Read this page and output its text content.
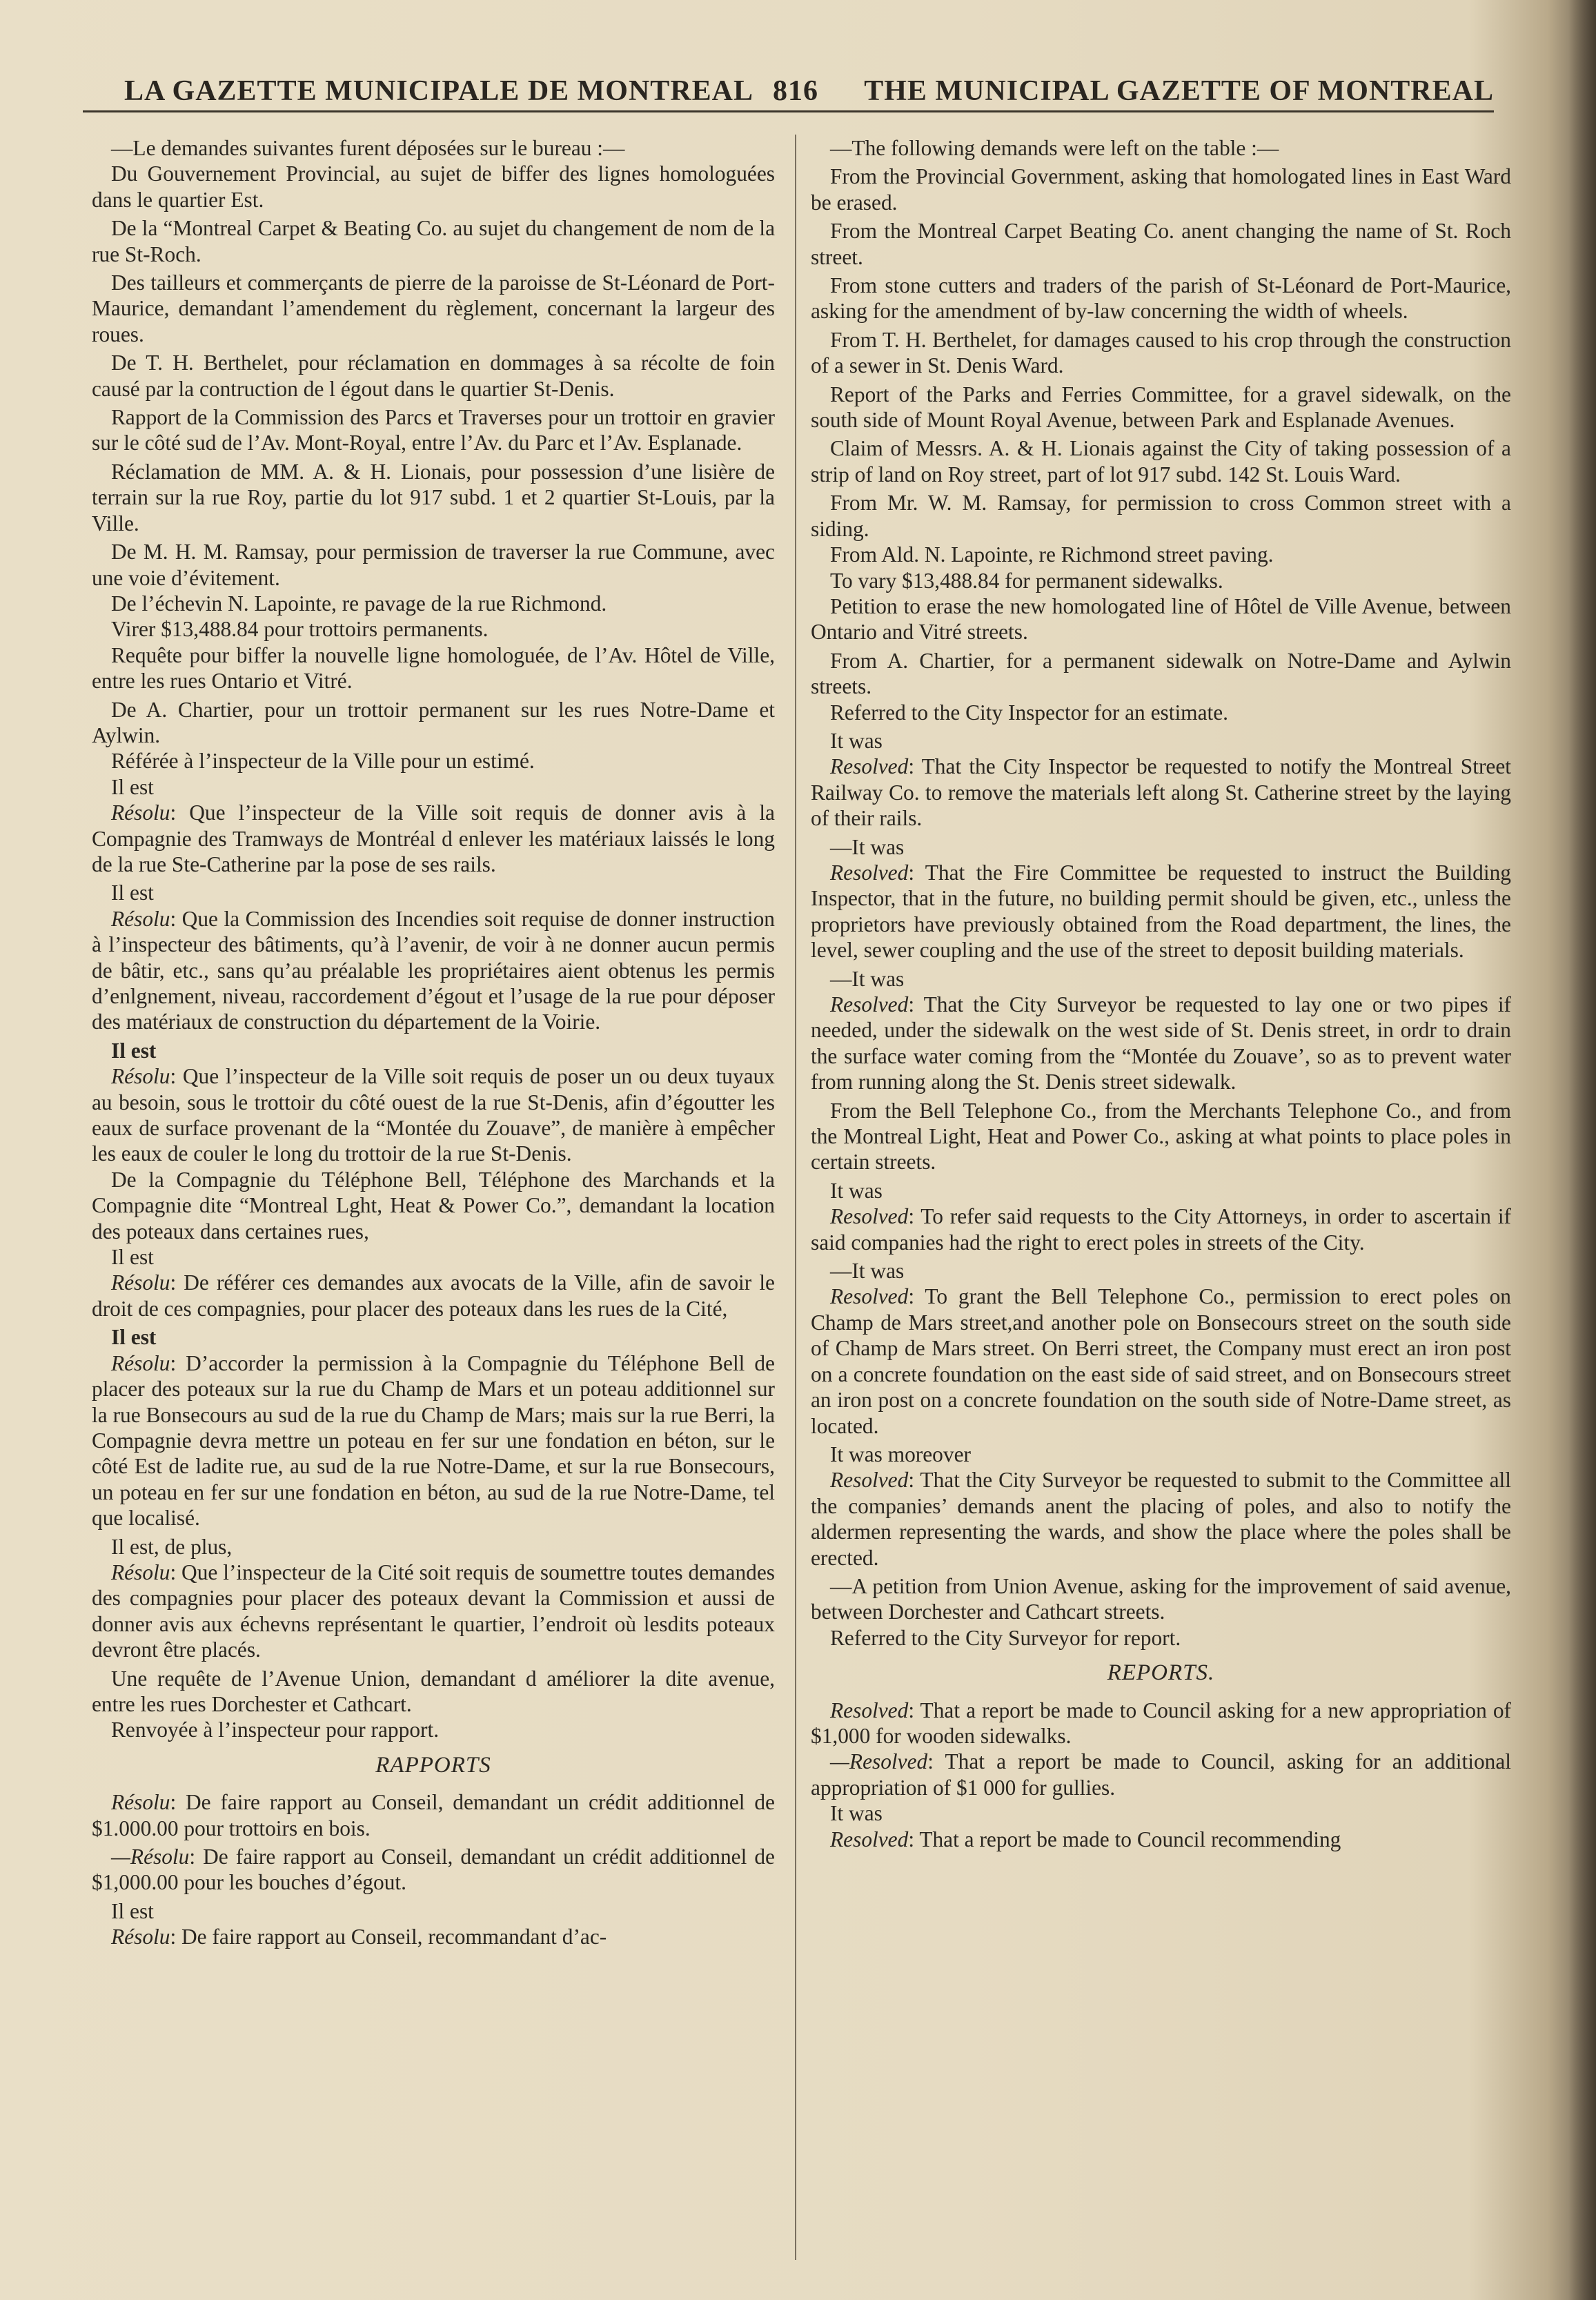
LA GAZETTE MUNICIPALE DE MONTREAL 816 THE MUNICIPAL GAZETTE OF MONTREAL

—Le demandes suivantes furent déposées sur le bureau :—

Du Gouvernement Provincial, au sujet de biffer des lignes homologuées dans le quartier Est.

De la “Montreal Carpet & Beating Co. au sujet du changement de nom de la rue St-Roch.

Des tailleurs et commerçants de pierre de la paroisse de St-Léonard de Port-Maurice, demandant l’amendement du règlement, concernant la largeur des roues.

De T. H. Berthelet, pour réclamation en dommages à sa récolte de foin causé par la contruction de l égout dans le quartier St-Denis.

Rapport de la Commission des Parcs et Traverses pour un trottoir en gravier sur le côté sud de l’Av. Mont-Royal, entre l’Av. du Parc et l’Av. Esplanade.

Réclamation de MM. A. & H. Lionais, pour possession d’une lisière de terrain sur la rue Roy, partie du lot 917 subd. 1 et 2 quartier St-Louis, par la Ville.

De M. H. M. Ramsay, pour permission de traverser la rue Commune, avec une voie d’évitement.

De l’échevin N. Lapointe, re pavage de la rue Richmond.

Virer $13,488.84 pour trottoirs permanents.

Requête pour biffer la nouvelle ligne homologuée, de l’Av. Hôtel de Ville, entre les rues Ontario et Vitré.

De A. Chartier, pour un trottoir permanent sur les rues Notre-Dame et Aylwin.

Référée à l’inspecteur de la Ville pour un estimé.

Il est

Résolu: Que l’inspecteur de la Ville soit requis de donner avis à la Compagnie des Tramways de Montréal d enlever les matériaux laissés le long de la rue Ste-Catherine par la pose de ses rails.

Il est

Résolu: Que la Commission des Incendies soit requise de donner instruction à l’inspecteur des bâtiments, qu’à l’avenir, de voir à ne donner aucun permis de bâtir, etc., sans qu’au préalable les propriétaires aient obtenus les permis d’enlgnement, niveau, raccordement d’égout et l’usage de la rue pour déposer des matériaux de construction du département de la Voirie.

Il est

Résolu: Que l’inspecteur de la Ville soit requis de poser un ou deux tuyaux au besoin, sous le trottoir du côté ouest de la rue St-Denis, afin d’égoutter les eaux de surface provenant de la “Montée du Zouave”, de manière à empêcher les eaux de couler le long du trottoir de la rue St-Denis.

De la Compagnie du Téléphone Bell, Téléphone des Marchands et la Compagnie dite “Montreal Lght, Heat & Power Co.”, demandant la location des poteaux dans certaines rues,

Il est

Résolu: De référer ces demandes aux avocats de la Ville, afin de savoir le droit de ces compagnies, pour placer des poteaux dans les rues de la Cité,

Il est

Résolu: D’accorder la permission à la Compagnie du Téléphone Bell de placer des poteaux sur la rue du Champ de Mars et un poteau additionnel sur la rue Bonsecours au sud de la rue du Champ de Mars; mais sur la rue Berri, la Compagnie devra mettre un poteau en fer sur une fondation en béton, sur le côté Est de ladite rue, au sud de la rue Notre-Dame, et sur la rue Bonsecours, un poteau en fer sur une fondation en béton, au sud de la rue Notre-Dame, tel que localisé.

Il est, de plus,

Résolu: Que l’inspecteur de la Cité soit requis de soumettre toutes demandes des compagnies pour placer des poteaux devant la Commission et aussi de donner avis aux échevns représentant le quartier, l’endroit où lesdits poteaux devront être placés.

Une requête de l’Avenue Union, demandant d améliorer la dite avenue, entre les rues Dorchester et Cathcart.

Renvoyée à l’inspecteur pour rapport.

RAPPORTS

Résolu: De faire rapport au Conseil, demandant un crédit additionnel de $1.000.00 pour trottoirs en bois.

—Résolu: De faire rapport au Conseil, demandant un crédit additionnel de $1,000.00 pour les bouches d’égout.

Il est

Résolu: De faire rapport au Conseil, recommandant d’ac-

—The following demands were left on the table :—

From the Provincial Government, asking that homologated lines in East Ward be erased.

From the Montreal Carpet Beating Co. anent changing the name of St. Roch street.

From stone cutters and traders of the parish of St-Léonard de Port-Maurice, asking for the amendment of by-law concerning the width of wheels.

From T. H. Berthelet, for damages caused to his crop through the construction of a sewer in St. Denis Ward.

Report of the Parks and Ferries Committee, for a gravel sidewalk, on the south side of Mount Royal Avenue, between Park and Esplanade Avenues.

Claim of Messrs. A. & H. Lionais against the City of taking possession of a strip of land on Roy street, part of lot 917 subd. 142 St. Louis Ward.

From Mr. W. M. Ramsay, for permission to cross Common street with a siding.

From Ald. N. Lapointe, re Richmond street paving.

To vary $13,488.84 for permanent sidewalks.

Petition to erase the new homologated line of Hôtel de Ville Avenue, between Ontario and Vitré streets.

From A. Chartier, for a permanent sidewalk on Notre-Dame and Aylwin streets.

Referred to the City Inspector for an estimate.

It was

Resolved: That the City Inspector be requested to notify the Montreal Street Railway Co. to remove the materials left along St. Catherine street by the laying of their rails.

—It was

Resolved: That the Fire Committee be requested to instruct the Building Inspector, that in the future, no building permit should be given, etc., unless the proprietors have previously obtained from the Road department, the lines, the level, sewer coupling and the use of the street to deposit building materials.

—It was

Resolved: That the City Surveyor be requested to lay one or two pipes if needed, under the sidewalk on the west side of St. Denis street, in ordr to drain the surface water coming from the “Montée du Zouave’, so as to prevent water from running along the St. Denis street sidewalk.

From the Bell Telephone Co., from the Merchants Telephone Co., and from the Montreal Light, Heat and Power Co., asking at what points to place poles in certain streets.

It was

Resolved: To refer said requests to the City Attorneys, in order to ascertain if said companies had the right to erect poles in streets of the City.

—It was

Resolved: To grant the Bell Telephone Co., permission to erect poles on Champ de Mars street,and another pole on Bonsecours street on the south side of Champ de Mars street. On Berri street, the Company must erect an iron post on a concrete foundation on the east side of said street, and on Bonsecours street an iron post on a concrete foundation on the south side of Notre-Dame street, as located.

It was moreover

Resolved: That the City Surveyor be requested to submit to the Committee all the companies’ demands anent the placing of poles, and also to notify the aldermen representing the wards, and show the place where the poles shall be erected.

—A petition from Union Avenue, asking for the improvement of said avenue, between Dorchester and Cathcart streets.

Referred to the City Surveyor for report.

REPORTS.

Resolved: That a report be made to Council asking for a new appropriation of $1,000 for wooden sidewalks.

—Resolved: That a report be made to Council, asking for an additional appropriation of $1 000 for gullies.

It was

Resolved: That a report be made to Council recommending
